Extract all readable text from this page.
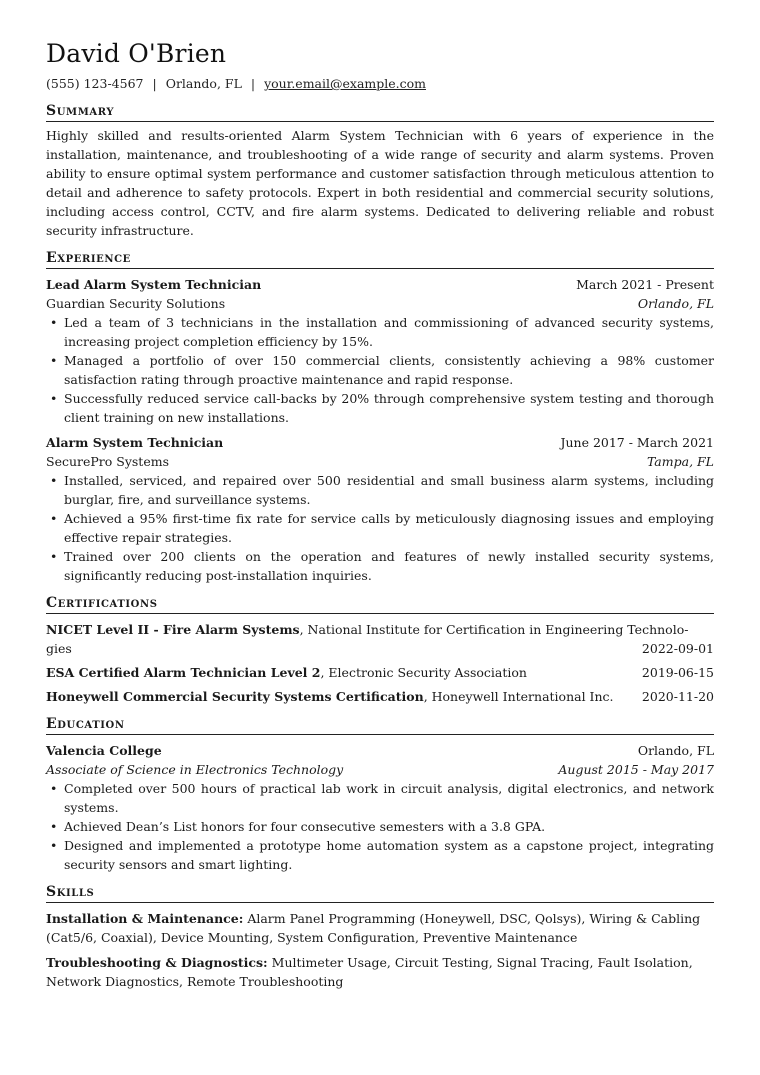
David O'Brien
(555) 123-4567 | Orlando, FL | your.email@example.com
Summary

Highly skilled and results-oriented Alarm System Technician with 6 years of experience in the installation, maintenance, and troubleshooting of a wide range of security and alarm systems. Proven ability to ensure optimal system performance and customer satisfaction through meticulous attention to detail and adherence to safety protocols. Expert in both residential and commercial security solutions, including access control, CCTV, and fire alarm systems. Dedicated to delivering reliable and robust security infrastructure.

Experience
Lead Alarm System Technician	March 2021 - Present
Guardian Security Solutions	Orlando, FL
• Led a team of 3 technicians in the installation and commissioning of advanced security systems, increasing project completion efficiency by 15%.
• Managed a portfolio of over 150 commercial clients, consistently achieving a 98% customer satisfaction rating through proactive maintenance and rapid response.
• Successfully reduced service call-backs by 20% through comprehensive system testing and thorough client training on new installations.
Alarm System Technician	June 2017 - March 2021
SecurePro Systems	Tampa, FL
• Installed, serviced, and repaired over 500 residential and small business alarm systems, including burglar, fire, and surveillance systems.
• Achieved a 95% first-time fix rate for service calls by meticulously diagnosing issues and employing effective repair strategies.
• Trained over 200 clients on the operation and features of newly installed security systems, significantly reducing post-installation inquiries.
Certifications
NICET Level II - Fire Alarm Systems, National Institute for Certification in Engineering Technolo-
gies	2022-09-01
ESA Certified Alarm Technician Level 2, Electronic Security Association	2019-06-15
Honeywell Commercial Security Systems Certification, Honeywell International Inc. 2020-11-20
Education
Valencia College	Orlando, FL
Associate of Science in Electronics Technology	August 2015 - May 2017
• Completed over 500 hours of practical lab work in circuit analysis, digital electronics, and network systems.
• Achieved Dean’s List honors for four consecutive semesters with a 3.8 GPA.
• Designed and implemented a prototype home automation system as a capstone project, integrating security sensors and smart lighting.
Skills
Installation & Maintenance: Alarm Panel Programming (Honeywell, DSC, Qolsys), Wiring & Cabling (Cat5/6, Coaxial), Device Mounting, System Configuration, Preventive Maintenance
Troubleshooting & Diagnostics: Multimeter Usage, Circuit Testing, Signal Tracing, Fault Isolation, Network Diagnostics, Remote Troubleshooting
